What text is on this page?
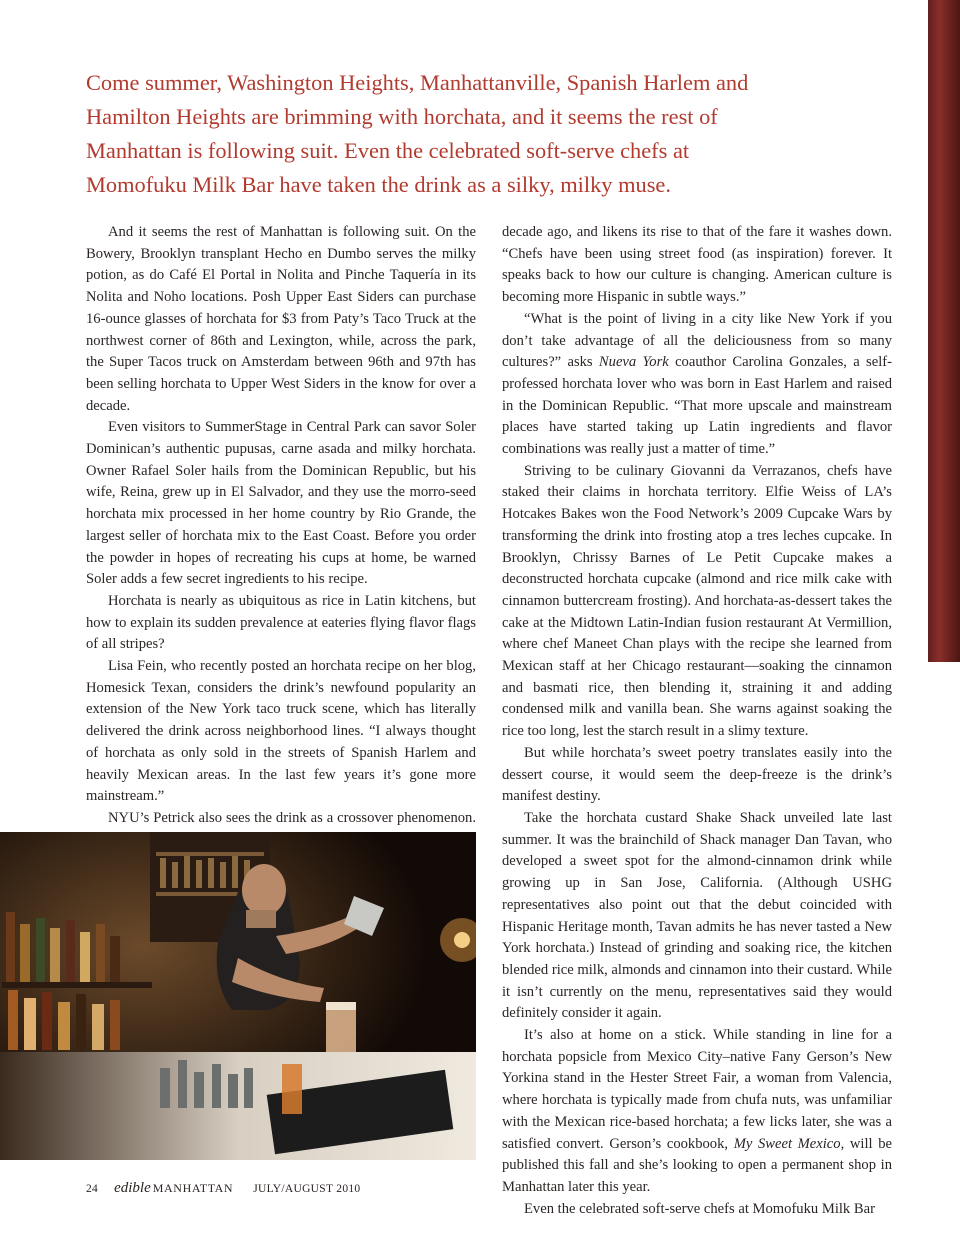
Come summer, Washington Heights, Manhattanville, Spanish Harlem and Hamilton Heights are brimming with horchata, and it seems the rest of Manhattan is following suit. Even the celebrated soft-serve chefs at Momofuku Milk Bar have taken the drink as a silky, milky muse.

And it seems the rest of Manhattan is following suit. On the Bowery, Brooklyn transplant Hecho en Dumbo serves the milky potion, as do Café El Portal in Nolita and Pinche Taquería in its Nolita and Noho locations. Posh Upper East Siders can purchase 16-ounce glasses of horchata for $3 from Paty’s Taco Truck at the northwest corner of 86th and Lexington, while, across the park, the Super Tacos truck on Amsterdam between 96th and 97th has been selling horchata to Upper West Siders in the know for over a decade.

Even visitors to SummerStage in Central Park can savor Soler Dominican’s authentic pupusas, carne asada and milky horchata. Owner Rafael Soler hails from the Dominican Republic, but his wife, Reina, grew up in El Salvador, and they use the morro-seed horchata mix processed in her home country by Rio Grande, the largest seller of horchata mix to the East Coast. Before you order the powder in hopes of recreating his cups at home, be warned Soler adds a few secret ingredients to his recipe.

Horchata is nearly as ubiquitous as rice in Latin kitchens, but how to explain its sudden prevalence at eateries flying flavor flags of all stripes?

Lisa Fein, who recently posted an horchata recipe on her blog, Homesick Texan, considers the drink’s newfound popularity an extension of the New York taco truck scene, which has literally delivered the drink across neighborhood lines. “I always thought of horchata as only sold in the streets of Spanish Harlem and heavily Mexican areas. In the last few years it’s gone more mainstream.”

NYU’s Petrick also sees the drink as a crossover phenomenon.

decade ago, and likens its rise to that of the fare it washes down. “Chefs have been using street food (as inspiration) forever. It speaks back to how our culture is changing. American culture is becoming more Hispanic in subtle ways.”

“What is the point of living in a city like New York if you don’t take advantage of all the deliciousness from so many cultures?” asks Nueva York coauthor Carolina Gonzales, a self-professed horchata lover who was born in East Harlem and raised in the Dominican Republic. “That more upscale and mainstream places have started taking up Latin ingredients and flavor combinations was really just a matter of time.”

Striving to be culinary Giovanni da Verrazanos, chefs have staked their claims in horchata territory. Elfie Weiss of LA’s Hotcakes Bakes won the Food Network’s 2009 Cupcake Wars by transforming the drink into frosting atop a tres leches cupcake. In Brooklyn, Chrissy Barnes of Le Petit Cupcake makes a deconstructed horchata cupcake (almond and rice milk cake with cinnamon buttercream frosting). And horchata-as-dessert takes the cake at the Midtown Latin-Indian fusion restaurant At Vermillion, where chef Maneet Chan plays with the recipe she learned from Mexican staff at her Chicago restaurant—soaking the cinnamon and basmati rice, then blending it, straining it and adding condensed milk and vanilla bean. She warns against soaking the rice too long, lest the starch result in a slimy texture.

But while horchata’s sweet poetry translates easily into the dessert course, it would seem the deep-freeze is the drink’s manifest destiny.

Take the horchata custard Shake Shack unveiled late last summer. It was the brainchild of Shack manager Dan Tavan, who developed a sweet spot for the almond-cinnamon drink while growing up in San Jose, California. (Although USHG representatives also point out that the debut coincided with Hispanic Heritage month, Tavan admits he has never tasted a New York horchata.) Instead of grinding and soaking rice, the kitchen blended rice milk, almonds and cinnamon into their custard. While it isn’t currently on the menu, representatives said they would definitely consider it again.

It’s also at home on a stick. While standing in line for a horchata popsicle from Mexico City–native Fany Gerson’s New Yorkina stand in the Hester Street Fair, a woman from Valencia, where horchata is typically made from chufa nuts, was unfamiliar with the Mexican rice-based horchata; a few licks later, she was a satisfied convert. Gerson’s cookbook, My Sweet Mexico, will be published this fall and she’s looking to open a permanent shop in Manhattan later this year.

Even the celebrated soft-serve chefs at Momofuku Milk Bar

24 edible MANHATTAN JULY/AUGUST 2010
